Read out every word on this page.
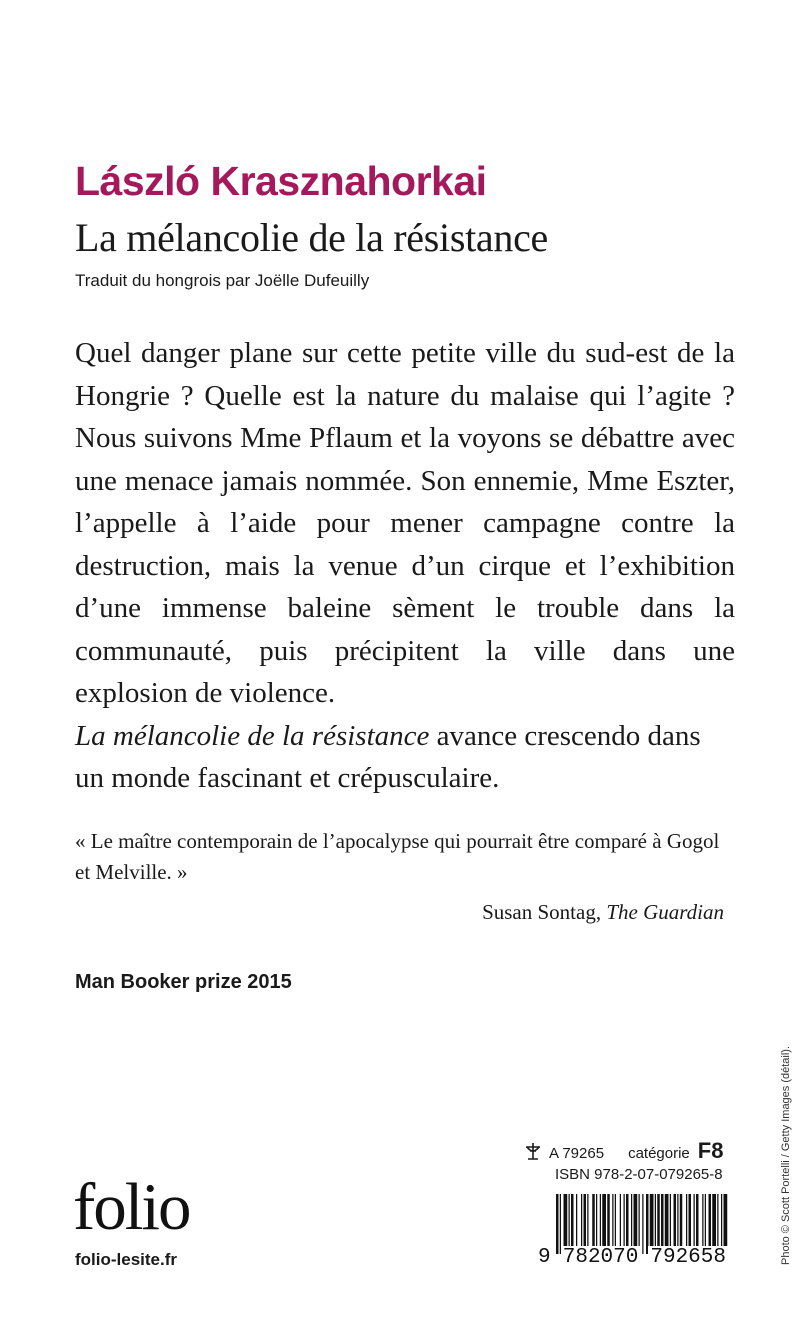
László Krasznahorkai
La mélancolie de la résistance
Traduit du hongrois par Joëlle Dufeuilly

Quel danger plane sur cette petite ville du sud-est de la Hongrie ? Quelle est la nature du malaise qui l’agite ? Nous suivons Mme Pflaum et la voyons se débattre avec une menace jamais nommée. Son ennemie, Mme Eszter, l’appelle à l’aide pour mener campagne contre la destruction, mais la venue d’un cirque et l’exhibition d’une immense baleine sèment le trouble dans la communauté, puis précipitent la ville dans une explosion de violence.

La mélancolie de la résistance avance crescendo dans un monde fascinant et crépusculaire.

« Le maître contemporain de l’apocalypse qui pourrait être comparé à Gogol et Melville. »
Susan Sontag, The Guardian
Man Booker prize 2015
Photo © Scott Portelli / Getty Images (détail).
folio
folio-lesite.fr
A 79265 catégorie F8
ISBN 978-2-07-079265-8
9 782070 792658
